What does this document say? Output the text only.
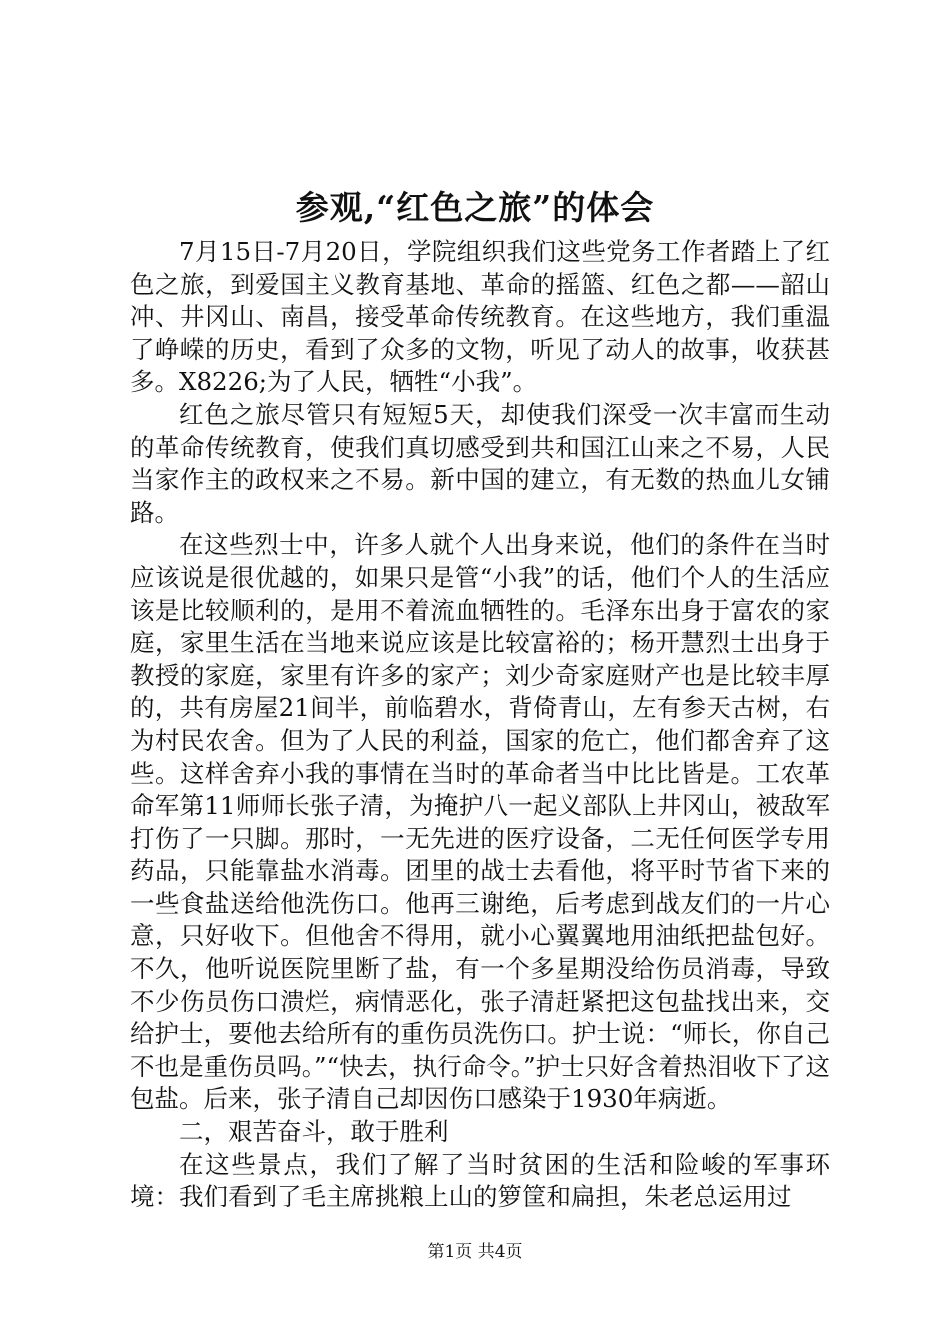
参观,“红色之旅”的体会

7月15日-7月20日，学院组织我们这些党务工作者踏上了红色之旅，到爱国主义教育基地、革命的摇篮、红色之都——韶山冲、井冈山、南昌，接受革命传统教育。在这些地方，我们重温了峥嵘的历史，看到了众多的文物，听见了动人的故事，收获甚多。X8226;为了人民，牺牲“小我”。

红色之旅尽管只有短短5天，却使我们深受一次丰富而生动的革命传统教育，使我们真切感受到共和国江山来之不易，人民当家作主的政权来之不易。新中国的建立，有无数的热血儿女铺路。

在这些烈士中，许多人就个人出身来说，他们的条件在当时应该说是很优越的，如果只是管“小我”的话，他们个人的生活应该是比较顺利的，是用不着流血牺牲的。毛泽东出身于富农的家庭，家里生活在当地来说应该是比较富裕的；杨开慧烈士出身于教授的家庭，家里有许多的家产；刘少奇家庭财产也是比较丰厚的，共有房屋21间半，前临碧水，背倚青山，左有参天古树，右为村民农舍。但为了人民的利益，国家的危亡，他们都舍弃了这些。这样舍弃小我的事情在当时的革命者当中比比皆是。工农革命军第11师师长张子清，为掩护八一起义部队上井冈山，被敌军打伤了一只脚。那时，一无先进的医疗设备，二无任何医学专用药品，只能靠盐水消毒。团里的战士去看他，将平时节省下来的一些食盐送给他洗伤口。他再三谢绝，后考虑到战友们的一片心意，只好收下。但他舍不得用，就小心翼翼地用油纸把盐包好。不久，他听说医院里断了盐，有一个多星期没给伤员消毒，导致不少伤员伤口溃烂，病情恶化，张子清赶紧把这包盐找出来，交给护士，要他去给所有的重伤员洗伤口。护士说：“师长，你自己不也是重伤员吗。”“快去，执行命令。”护士只好含着热泪收下了这包盐。后来，张子清自己却因伤口感染于1930年病逝。

二，艰苦奋斗，敢于胜利

在这些景点，我们了解了当时贫困的生活和险峻的军事环境：我们看到了毛主席挑粮上山的箩筐和扁担，朱老总运用过

第1页 共4页
